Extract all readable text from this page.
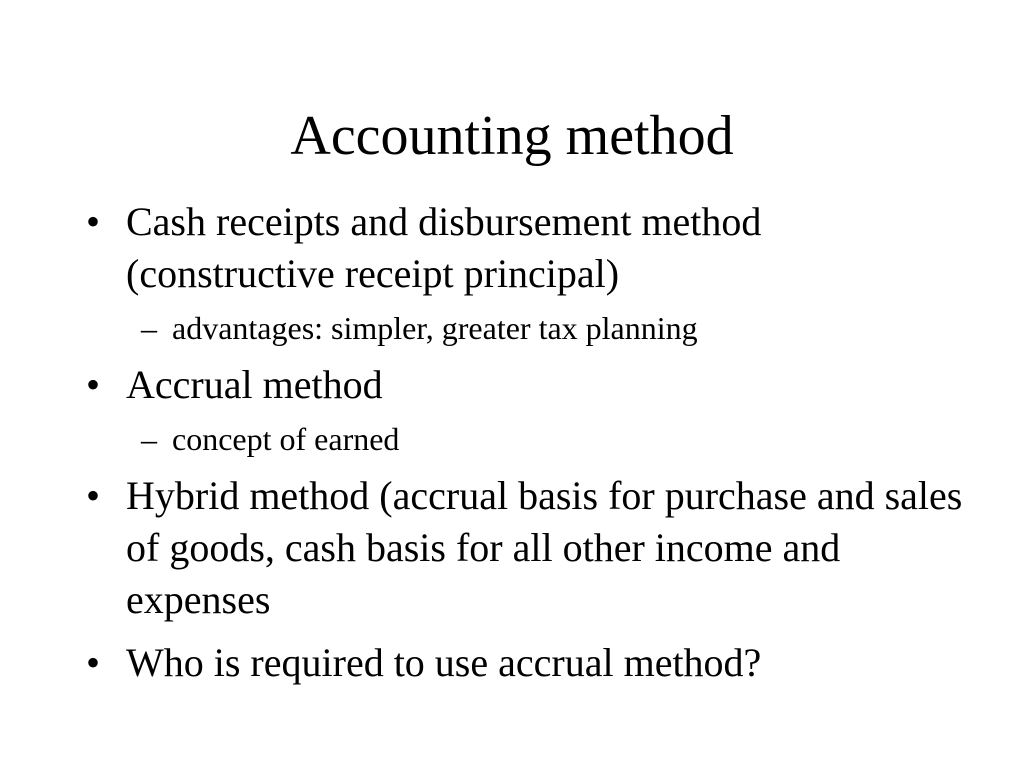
Accounting method
• Cash receipts and disbursement method (constructive receipt principal)
– advantages: simpler, greater tax planning
• Accrual method
– concept of earned
• Hybrid method (accrual basis for purchase and sales of goods, cash basis for all other income and expenses
• Who is required to use accrual method?
